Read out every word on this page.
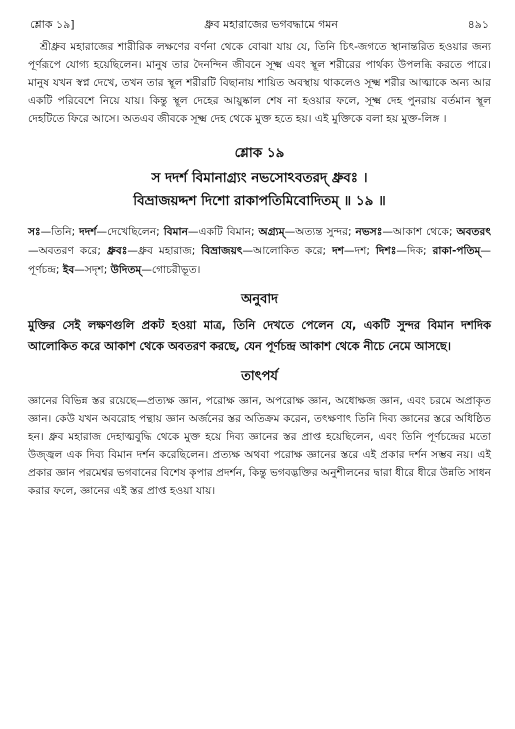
শ্লোক ১৯]	ধ্রুব মহারাজের ভগবদ্ধামে গমন	৪৯১

শ্রীধ্রুব মহারাজের শারীরিক লক্ষণের বর্ণনা থেকে বোঝা যায় যে, তিনি চিৎ-জগতে স্থানান্তরিত হওয়ার জন্য পূর্ণরূপে যোগ্য হয়েছিলেন। মানুষ তার দৈনন্দিন জীবনে সূক্ষ্ম এবং স্থূল শরীরের পার্থক্য উপলব্ধি করতে পারে। মানুষ যখন স্বপ্ন দেখে, তখন তার স্থূল শরীরটি বিছানায় শায়িত অবস্থায় থাকলেও সূক্ষ্ম শরীর আত্মাকে অন্য আর একটি পরিবেশে নিয়ে যায়। কিন্তু স্থূল দেহের আয়ুষ্কাল শেষ না হওয়ার ফলে, সূক্ষ্ম দেহ পুনরায় বর্তমান স্থূল দেহটিতে ফিরে আসে। অতএব জীবকে সূক্ষ্ম দেহ থেকে মুক্ত হতে হয়। এই মুক্তিকে বলা হয় মুক্ত-লিঙ্গ ।

শ্লোক ১৯

স দদর্শ বিমানাগ্র্যং নভসোঽবতরদ্ ধ্রুবঃ ।

বিভ্রাজয়দ্দশ দিশো রাকাপতিমিবোদিতম্ ॥ ১৯ ॥

সঃ—তিনি; দদর্শ—দেখেছিলেন; বিমান—একটি বিমান; অগ্র্যম্—অত্যন্ত সুন্দর; নভসঃ—আকাশ থেকে; অবতরৎ—অবতরণ করে; ধ্রুবঃ—ধ্রুব মহারাজ; বিভ্রাজয়ৎ—আলোকিত করে; দশ—দশ; দিশঃ—দিক; রাকা-পতিম্—পূর্ণচন্দ্র; ইব—সদৃশ; উদিতম্—গোচরীভূত।

অনুবাদ

মুক্তির সেই লক্ষণগুলি প্রকট হওয়া মাত্র, তিনি দেখতে পেলেন যে, একটি সুন্দর বিমান দশদিক আলোকিত করে আকাশ থেকে অবতরণ করছে, যেন পূর্ণচন্দ্র আকাশ থেকে নীচে নেমে আসছে।

তাৎপর্য

জ্ঞানের বিভিন্ন স্তর রয়েছে—প্রত্যক্ষ জ্ঞান, পরোক্ষ জ্ঞান, অপরোক্ষ জ্ঞান, অধোক্ষজ জ্ঞান, এবং চরমে অপ্রাকৃত জ্ঞান। কেউ যখন অবরোহ পন্থায় জ্ঞান অর্জনের স্তর অতিক্রম করেন, তৎক্ষণাৎ তিনি দিব্য জ্ঞানের স্তরে অধিষ্ঠিত হন। ধ্রুব মহারাজ দেহাত্মবুদ্ধি থেকে মুক্ত হয়ে দিব্য জ্ঞানের স্তর প্রাপ্ত হয়েছিলেন, এবং তিনি পূর্ণচন্দ্রের মতো উজ্জ্বল এক দিব্য বিমান দর্শন করেছিলেন। প্রত্যক্ষ অথবা পরোক্ষ জ্ঞানের স্তরে এই প্রকার দর্শন সম্ভব নয়। এই প্রকার জ্ঞান পরমেশ্বর ভগবানের বিশেষ কৃপার প্রদর্শন, কিন্তু ভগবদ্ভক্তির অনুশীলনের দ্বারা ধীরে ধীরে উন্নতি সাধন করার ফলে, জ্ঞানের এই স্তর প্রাপ্ত হওয়া যায়।
